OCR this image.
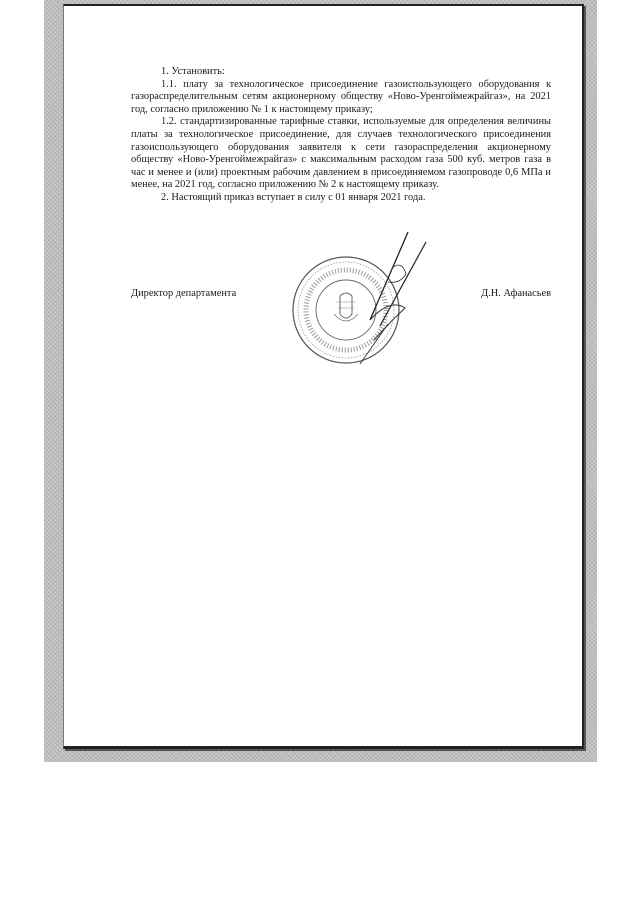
1. Установить:

1.1. плату за технологическое присоединение газоиспользующего оборудования к газораспределительным сетям акционерному обществу «Ново-Уренгоймежрайгаз», на 2021 год, согласно приложению № 1 к настоящему приказу;

1.2. стандартизированные тарифные ставки, используемые для определения величины платы за технологическое присоединение, для случаев технологического присоединения газоиспользующего оборудования заявителя к сети газораспределения акционерному обществу «Ново-Уренгоймежрайгаз» с максимальным расходом газа 500 куб. метров газа в час и менее и (или) проектным рабочим давлением в присоединяемом газопроводе 0,6 МПа и менее, на 2021 год, согласно приложению № 2 к настоящему приказу.

2. Настоящий приказ вступает в силу с 01 января 2021 года.

Директор департамента	Д.Н. Афанасьев
